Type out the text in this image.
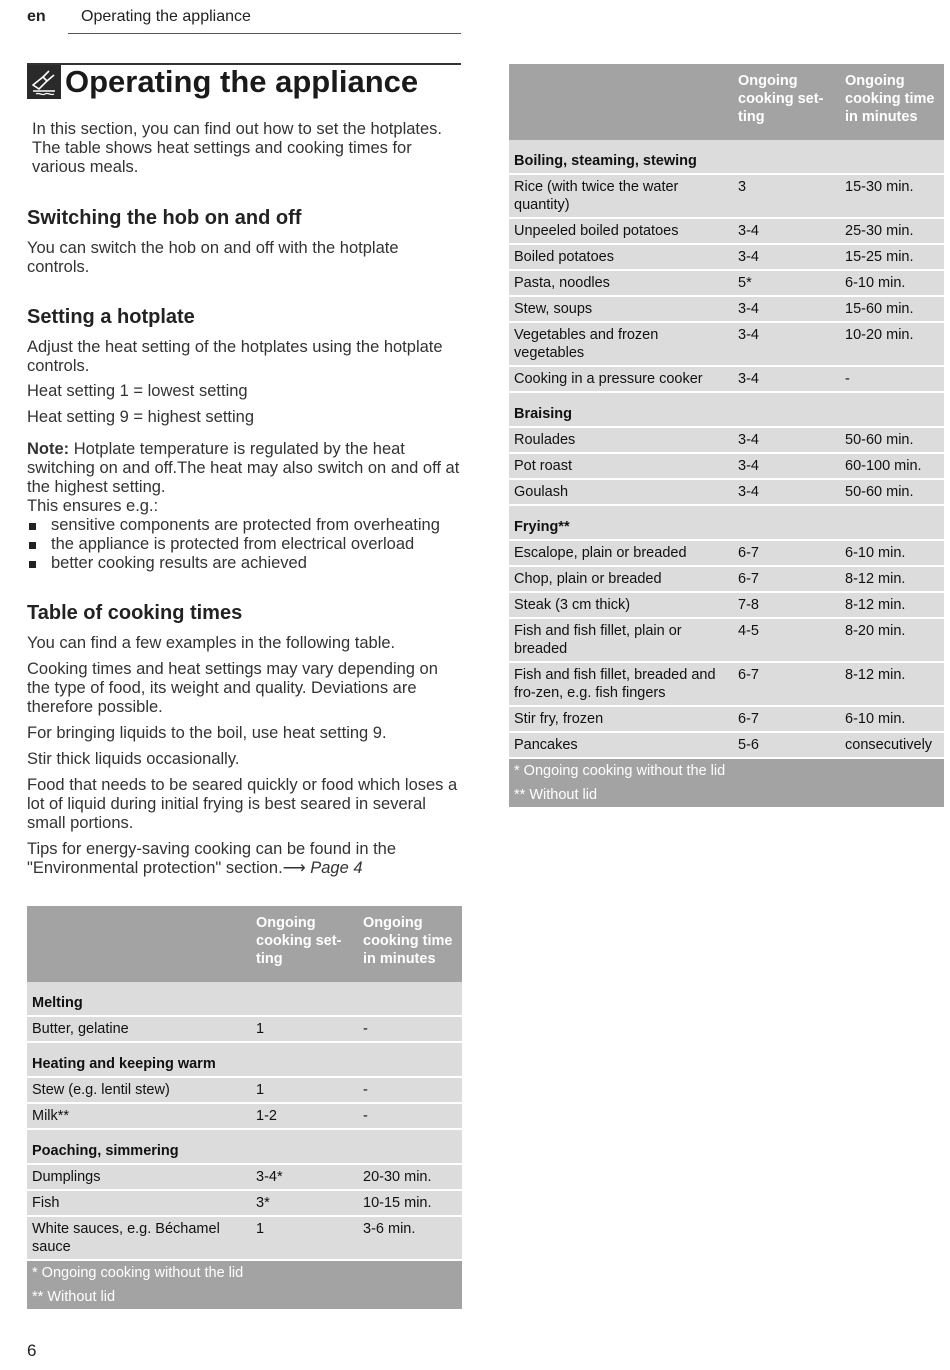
en Operating the appliance
Operating the appliance

In this section, you can find out how to set the hotplates. The table shows heat settings and cooking times for various meals.

Switching the hob on and off

You can switch the hob on and off with the hotplate controls.

Setting a hotplate

Adjust the heat setting of the hotplates using the hotplate controls.

Heat setting 1 = lowest setting

Heat setting 9 = highest setting

Note: Hotplate temperature is regulated by the heat switching on and off.The heat may also switch on and off at the highest setting.

This ensures e.g.:

sensitive components are protected from overheating
the appliance is protected from electrical overload
better cooking results are achieved
Table of cooking times

You can find a few examples in the following table.

Cooking times and heat settings may vary depending on the type of food, its weight and quality. Deviations are therefore possible.

For bringing liquids to the boil, use heat setting 9.

Stir thick liquids occasionally.

Food that needs to be seared quickly or food which loses a lot of liquid during initial frying is best seared in several small portions.

Tips for energy-saving cooking can be found in the "Environmental protection" section.⟶ Page 4

	Ongoing cooking set-ting	Ongoing cooking time in minutes
Melting		
Butter, gelatine	1	-
Heating and keeping warm		
Stew (e.g. lentil stew)	1	-
Milk**	1-2	-
Poaching, simmering		
Dumplings	3-4*	20-30 min.
Fish	3*	10-15 min.
White sauces, e.g. Béchamel sauce	1	3-6 min.
* Ongoing cooking without the lid		
** Without lid		
	Ongoing cooking set-ting	Ongoing cooking time in minutes
Boiling, steaming, stewing		
Rice (with twice the water quantity)	3	15-30 min.
Unpeeled boiled potatoes	3-4	25-30 min.
Boiled potatoes	3-4	15-25 min.
Pasta, noodles	5*	6-10 min.
Stew, soups	3-4	15-60 min.
Vegetables and frozen vegetables	3-4	10-20 min.
Cooking in a pressure cooker	3-4	-
Braising		
Roulades	3-4	50-60 min.
Pot roast	3-4	60-100 min.
Goulash	3-4	50-60 min.
Frying**		
Escalope, plain or breaded	6-7	6-10 min.
Chop, plain or breaded	6-7	8-12 min.
Steak (3 cm thick)	7-8	8-12 min.
Fish and fish fillet, plain or breaded	4-5	8-20 min.
Fish and fish fillet, breaded and fro-zen, e.g. fish fingers	6-7	8-12 min.
Stir fry, frozen	6-7	6-10 min.
Pancakes	5-6	consecutively
* Ongoing cooking without the lid		
** Without lid		
6
